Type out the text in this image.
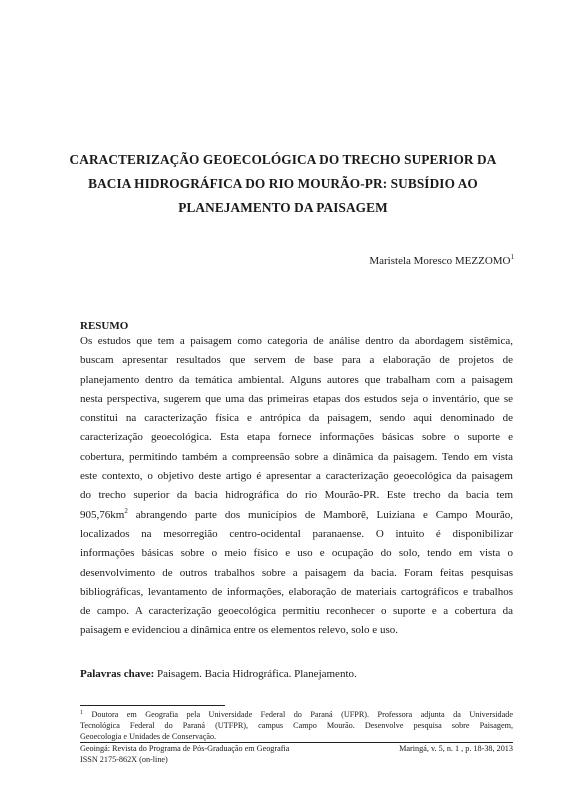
CARACTERIZAÇÃO GEOECOLÓGICA DO TRECHO SUPERIOR DA
BACIA HIDROGRÁFICA DO RIO MOURÃO-PR: SUBSÍDIO AO
PLANEJAMENTO DA PAISAGEM
Maristela Moresco MEZZOMO$^1$
RESUMO
Os estudos que tem a paisagem como categoria de análise dentro da abordagem sistêmica,
buscam apresentar resultados que servem de base para a elaboração de projetos de
planejamento dentro da temática ambiental. Alguns autores que trabalham com a paisagem
nesta perspectiva, sugerem que uma das primeiras etapas dos estudos seja o inventário, que se
constitui na caracterização física e antrópica da paisagem, sendo aqui denominado de
caracterização geoecológica. Esta etapa fornece informações básicas sobre o suporte e
cobertura, permitindo também a compreensão sobre a dinâmica da paisagem. Tendo em vista
este contexto, o objetivo deste artigo é apresentar a caracterização geoecológica da paisagem
do trecho superior da bacia hidrográfica do rio Mourão-PR. Este trecho da bacia tem
$905,76km^2$ abrangendo parte dos municípios de Mamborê, Luiziana e Campo Mourão,
localizados na mesorregião centro-ocidental paranaense. O intuito é disponibilizar
informações básicas sobre o meio físico e uso e ocupação do solo, tendo em vista o
desenvolvimento de outros trabalhos sobre a paisagem da bacia. Foram feitas pesquisas
bibliográficas, levantamento de informações, elaboração de materiais cartográficos e trabalhos
de campo. A caracterização geoecológica permitiu reconhecer o suporte e a cobertura da
paisagem e evidenciou a dinâmica entre os elementos relevo, solo e uso.
Palavras chave: Paisagem. Bacia Hidrográfica. Planejamento.
$^1$ Doutora em Geografia pela Universidade Federal do Paraná (UFPR). Professora adjunta da Universidade
Tecnológica Federal do Paraná (UTFPR), campus Campo Mourão. Desenvolve pesquisa sobre Paisagem,
Geoecologia e Unidades de Conservação.
Geoingá: Revista do Programa de Pós-Graduação em Geografia	Maringá, v. 5, n. 1 , p. 18-38, 2013
ISSN 2175-862X (on-line)
